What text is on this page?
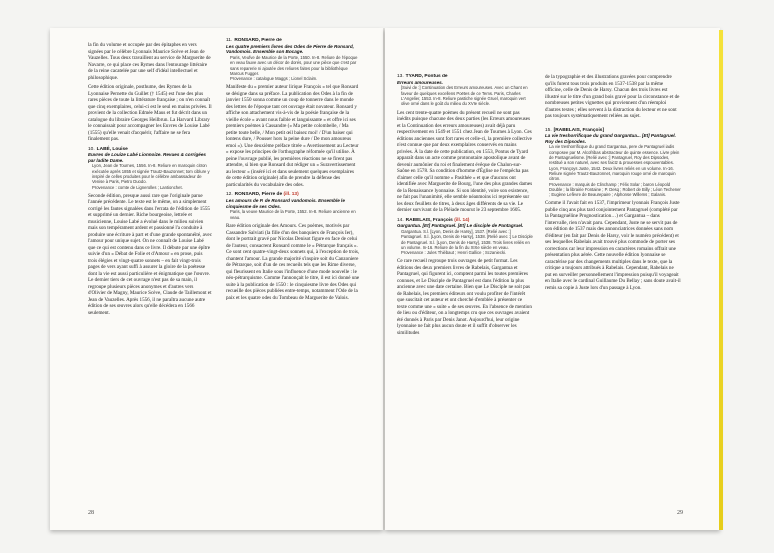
la fin du volume et occupée par des épitaphes en vers signées par le célèbre Lyonnais Maurice Scève et Jean de Vauzelles. Tous deux travaillent au service de Marguerite de Navarre, ce qui place ces Rymes dans l'entourage littéraire de la reine cacatelée par une self d'idéal intellectuel et philosophique.

Cette édition originale, posthume, des Rymes de la Lyonnaise Pernette du Guillet († 1545) est l'une des plus rares pièces de toute la littérature française ; on n'en connaît que cinq exemplaires, celui-ci est le seul en mains privées. Il provient de la collection Edmée Maus et fut décrit dans un catalogue du libraire Georges Heilbrun. La Harvard Library le connaissait pour accompagner les Euvres de Louise Labé (1555) qu'elle venait d'acquérir, l'affaire ne se fera finalement pas.

10. LABÉ, Louise
Euvres de Louize Labé Lionnoize. Revues & corrigées par ladite Dame.
Lyon, Jean de Tournes, 1556. In-8. Reliure en maroquin citron exécutée après 1855 et signée Trautz-Bauzonnet; tom ciblure y inspiré de celles produites pour le célèbre ambassadeur de Venise à Paris, Pietro Duodo.
Provenance : comte de Lignerolles ; Lantionchet.

Seconde édition, presque aussi rare que l'originale parue l'année précédente. Le texte est le même, on a simplement corrigé les fautes signalées dans l'errata de l'édition de 1555 et supprimé un dernier. Riche bourgeoise, lettrée et musicienne, Louise Labé a évolué dans le milieu suivien mais son tempérament ardent et passionné l'a conduite à produire une écriture à part et d'une grande spontanéité, avec l'amour pour unique sujet. On ne connaît de Louise Labé que ce qui est contenu dans ce livre. Il débute par une épître suivie d'un « Débat de Folie et d'Amour » en prose, puis trois élégies et vingt-quatre sonnets – en fait vingt-trois pages de vers ayant suffi à assurer la gloire de la poétesse dont la vie est aussi particulière et énigmatique que l'œuvre. Le dernier tiers de cet ouvrage n'est pas de sa main, il regroupe plusieurs pièces anonymes et d'autres vers d'Olivier de Magny, Maurice Scève, Claude de Taillemont et Jean de Vauzelles. Après 1556, il ne paraîtra aucune autre édition de ses œuvres alors qu'elle décédera en 1566 seulement.

11. RONSARD, Pierre de
Les quatre premiers livres des Odes de Pierre de Ronsard, Vandomois. Ensemble son Bocage.
Paris, Veufve de Maurice de la Porte, 1550. In-8. Reliure de l'époque en veau fauve avec un décor de dorés, pour une pièce que c'est par sans reparerie ni ajoutée des reliures faites pour la bibliothèque Marcus Fugger.
Provenance : catalogue Maggs ; Lionel Sclaim.

Manifeste du « premier auteur lirique François » tel que Ronsard se désigne dans sa préface. La publication des Odes à la fin de janvier 1550 sonna comme un coup de tonnerre dans le monde des lettres de l'époque tant cet ouvrage était novateur. Ronsard y affiche son attachement vis-à-vis de la poésie française de la vieille école « avant nous faible et languissante » et offre ici ses premiers poèmes à Cassandre (« Ma petite colombelle, / Ma petite toute belle, / Mon petit œil baisez moi! / D'un baiser qui lontens dure, / Pousser hors la peine dure / De mon amoureus emoi »). Une deuxième préface titrée « Avertissement au Lecteur » expose les principes de l'orthographe réformée qu'il utilise. À peine l'ouvrage publié, les premières réactions ne se firent pas attendre, si bien que Ronsard dut rédiger un « Suravertissement au lecteur » (inséré ici et dans seulement quelques exemplaires de cette édition originale) afin de prendre la défense des particularités du vocabulaire des odes.

12. RONSARD, Pierre de (ill. 13)
Les amours de P. de Ronsard vandomois. Ensemble le cinquiesme de ses Odes.
Paris, la veuve Maurice de la Porte, 1552. In-8. Reliure ancienne en veau.

Rare édition originale des Amours. Ces poèmes, motivés par Cassandre Salviati (la fille d'un des banquiers de François Ier), dont le portrait gravé par Nicolas Denisot figure en face de celui de l'auteur, consacrent Ronsard comme le « Pétrarque français ». Ce sont cent quatre-vingt-deux sonnets qui, à l'exception de trois, chantent l'amour. La grande majorité s'inspire soit du Canzoniere de Pétrarque, soit d'un de ces recueils tels que les Rime diverse, qui fleurissent en Italie sous l'influence d'une mode nouvelle : le néo-pétrarquisme. Comme l'annonçait le titre, il est ici donné une suite à la publication de 1550 : le cinquiesme livre des Odes qui recueille des pièces publiées entre-temps, notamment l'Ode de la paix et les quatre odes du Tombeau de Marguerite de Valois.

28
13. TYARD, Pontus de
Erreurs amoureuses.
[Suivi de :] Continuation des Erreurs amoureuses. Avec un Chant en faveur de quelques excellens Poëtes de ce Tems. Paris, Charles L'Angelier, 1553. In-8. Reliure pastiche signée Gruel, maroquin vert olive orné dans le goût du milieu du XVIe siècle.

Les cent trente-quatre poèmes du présent recueil ne sont pas inédits puisque chacune des deux parties (les Erreurs amoureuses et la Continuation des erreurs amoureuses) avait déjà paru respectivement en 1549 et 1551 chez Jean de Tournes à Lyon. Ces éditions anciennes sont fort rares et celle-ci, la première collective n'est connue que par deux exemplaires conservés en mains privées. À la date de cette publication, en 1553, Pontus de Tyard apparaît dans un acte comme protonotaire apostolique avant de devenir aumônier du roi et finalement évêque de Chalon-sur-Saône en 1578. Sa condition d'homme d'Église ne l'empêcha pas d'aimer celle qu'il nomme « Pasithée » et que d'aucuns ont identifiée avec Marguerite de Bourg, l'une des plus grandes dames de la Renaissance lyonnaise. Si son identité, voire son existence, ne fait pas l'unanimité, elle semble néanmoins ici représentée sur les deux feuillets de titres, à deux âges différents de sa vie. Le dernier survivant de la Pléiade mourut le 23 septembre 1605.

14. RABELAIS, François (ill. 14)
Gargantua. [Et] Pantagruel. [Et] Le disciple de Pantagruel.
Gargantua. S.l. [Lyon, Denis de Harsy], 1537. [Relié avec :] Pantagruel. S.l. [Lyon, Denis de Harsy], 1538. [Relié avec :] Le Disciple de Pantagruel. S.l. [Lyon, Denis de Harsy], 1538. Trois livres reliés en un volume. In-16. Reliure de la fin du XIXe siècle en veau.
Provenance : Jules Thiébaut ; Henri Gallice ; Sczaniecki.

Ce rare recueil regroupe trois ouvrages de petit format. Les éditions des deux premiers livres de Rabelais, Gargantua et Pantagruel, qui figurent ici, comptent parmi les toutes premières connues, et Le Disciple de Pantagruel est dans l'édition la plus ancienne avec une date certaine. Bien que Le Disciple ne soit pas de Rabelais, les premiers éditeurs ont voulu profiter de l'intérêt que suscitait cet auteur et ont cherché d'emblée à présenter ce texte comme une « suite » de ses œuvres. En l'absence de mention de lieu ou d'éditeur, on a longtemps cru que ces ouvrages avaient été donnés à Paris par Denis Janot. Aujourd'hui, leur origine lyonnaise ne fait plus aucun doute et il suffit d'observer les similitudes

de la typographie et des illustrations gravées pour comprendre qu'ils furent tous trois produits en 1537-1538 par la même officine, celle de Denis de Harsy. Chacun des trois livres est illustré sur le titre d'un grand bois gravé pour la circonstance et de nombreuses petites vignettes qui proviennent d'un réemploi d'autres textes ; elles servent à la distraction du lecteur et ne sont pas toujours systématiquement reliées au sujet.

15. [RABELAIS, François]
La vie treshorrificque du grand Gargantua... [Et] Pantagruel. Roy des Dipsodes.
La vie treshorrificque du grand Gargantua, pere de Pantagruel iadis composee par M. Alcofribas abstracteur de quinte essence. Livre plein de Pantagruelisme. [Relié avec :] Pantagruel, Roy des Dipsodes, restitué a son naturel, avec ses faictz & prouesses espouventables. Lyon, Françoys Juste, 1542. Deux livres reliés en un volume. In-16. Reliure signée Trautz-Bauzonnet, maroquin rouge orné de maroquin citron.
Provenance : marquis de Clinchamp ; Félix Solar ; baron Léopold Double ; la librairie Fontaine ; P. Desq ; Robert de Billy ; Léon Techener ; Eugène Lefèvre de Beaurepaire ; Alphonse Willems ; Galanis.

Comme il l'avait fait en 1537, l'imprimeur lyonnais François Juste publie cinq ans plus tard conjointement Pantagruel (complété par la Pantagruéline Prognostication…) et Gargantua – dans l'intervalle, rien n'avait paru. Cependant, Juste ne se servit pas de son édition de 1537 mais des annonciatrices données sans nom d'éditeur (en fait par Denis de Harsy, voir le numéro précédent) et ses lesquelles Rabelais avait trouvé plus commode de porter ses corrections car leur impression en caractères romains offrait une présentation plus aérée. Cette nouvelle édition lyonnaise se caractérise par des changements multiples dans le texte, que la critique a toujours attribués à Rabelais. Cependant, Rabelais ne put en surveiller personnellement l'impression puisqu'il voyageait en Italie avec le cardinal Guillaume Du Bellay ; sans doute avait-il remis sa copie à Juste lors d'un passage à Lyon.

29
